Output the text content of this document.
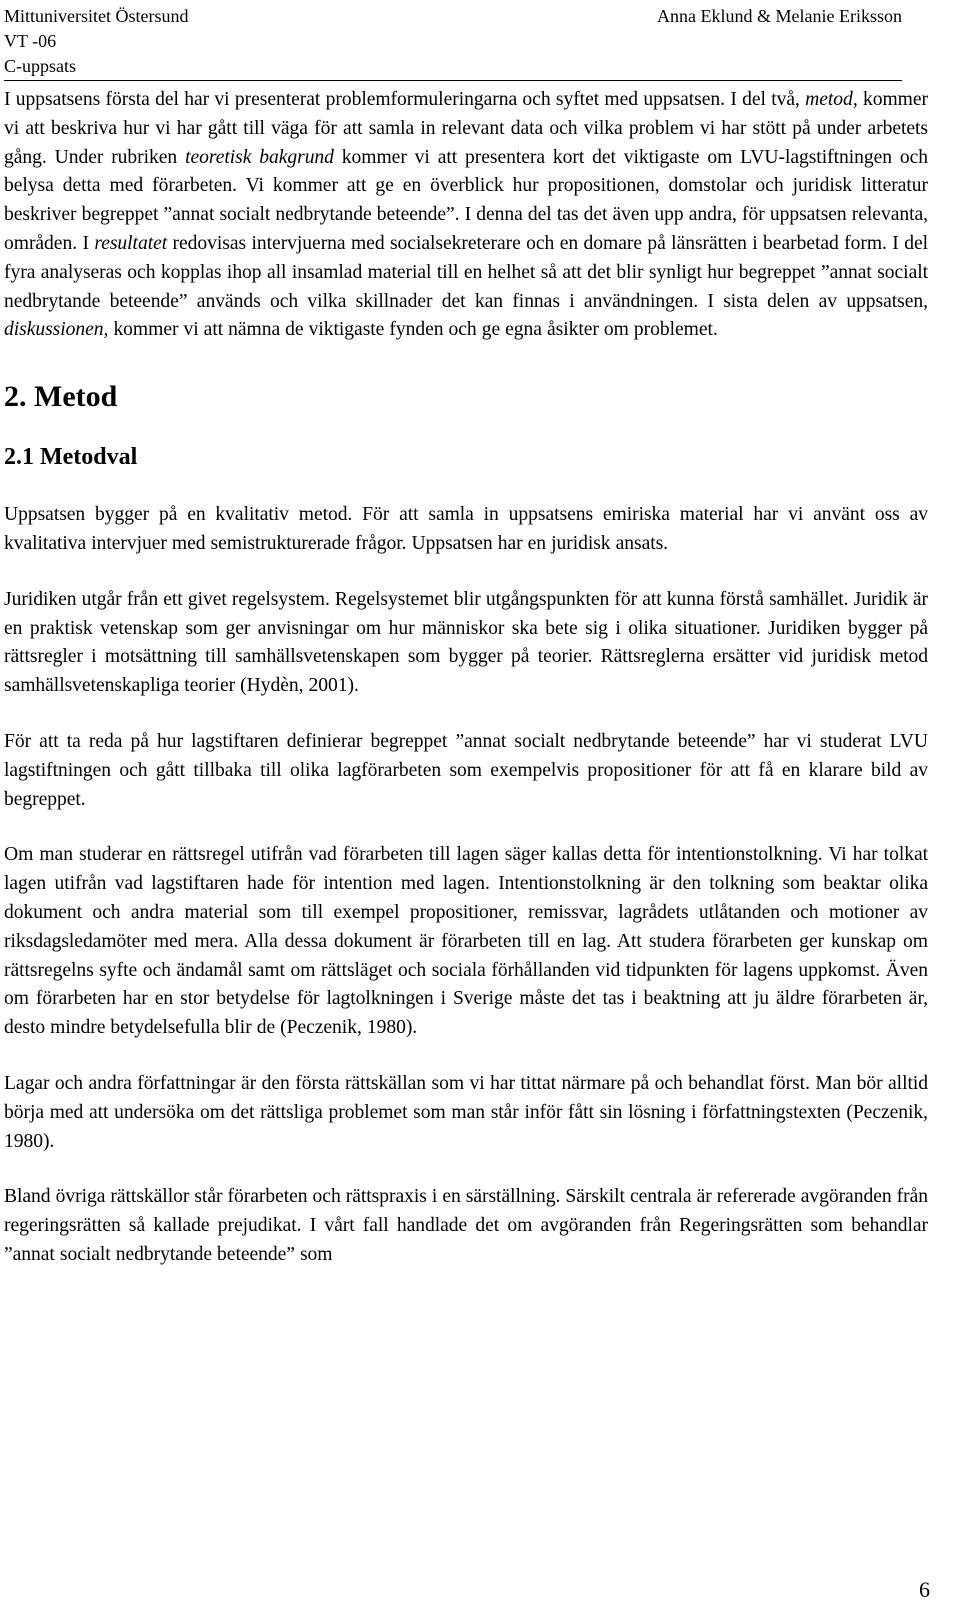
Mittuniversitet Östersund
VT -06
C-uppsats
Anna Eklund & Melanie Eriksson

I uppsatsens första del har vi presenterat problemformuleringarna och syftet med uppsatsen. I del två, metod, kommer vi att beskriva hur vi har gått till väga för att samla in relevant data och vilka problem vi har stött på under arbetets gång. Under rubriken teoretisk bakgrund kommer vi att presentera kort det viktigaste om LVU-lagstiftningen och belysa detta med förarbeten. Vi kommer att ge en överblick hur propositionen, domstolar och juridisk litteratur beskriver begreppet ”annat socialt nedbrytande beteende”. I denna del tas det även upp andra, för uppsatsen relevanta, områden. I resultatet redovisas intervjuerna med socialsekreterare och en domare på länsrätten i bearbetad form. I del fyra analyseras och kopplas ihop all insamlad material till en helhet så att det blir synligt hur begreppet ”annat socialt nedbrytande beteende” används och vilka skillnader det kan finnas i användningen. I sista delen av uppsatsen, diskussionen, kommer vi att nämna de viktigaste fynden och ge egna åsikter om problemet.

2. Metod
2.1 Metodval

Uppsatsen bygger på en kvalitativ metod. För att samla in uppsatsens emiriska material har vi använt oss av kvalitativa intervjuer med semistrukturerade frågor. Uppsatsen har en juridisk ansats.

Juridiken utgår från ett givet regelsystem. Regelsystemet blir utgångspunkten för att kunna förstå samhället. Juridik är en praktisk vetenskap som ger anvisningar om hur människor ska bete sig i olika situationer. Juridiken bygger på rättsregler i motsättning till samhällsvetenskapen som bygger på teorier. Rättsreglerna ersätter vid juridisk metod samhällsvetenskapliga teorier (Hydèn, 2001).

För att ta reda på hur lagstiftaren definierar begreppet ”annat socialt nedbrytande beteende” har vi studerat LVU lagstiftningen och gått tillbaka till olika lagförarbeten som exempelvis propositioner för att få en klarare bild av begreppet.

Om man studerar en rättsregel utifrån vad förarbeten till lagen säger kallas detta för intentionstolkning. Vi har tolkat lagen utifrån vad lagstiftaren hade för intention med lagen. Intentionstolkning är den tolkning som beaktar olika dokument och andra material som till exempel propositioner, remissvar, lagrådets utlåtanden och motioner av riksdagsledamöter med mera. Alla dessa dokument är förarbeten till en lag. Att studera förarbeten ger kunskap om rättsregelns syfte och ändamål samt om rättsläget och sociala förhållanden vid tidpunkten för lagens uppkomst. Även om förarbeten har en stor betydelse för lagtolkningen i Sverige måste det tas i beaktning att ju äldre förarbeten är, desto mindre betydelsefulla blir de (Peczenik, 1980).

Lagar och andra författningar är den första rättskällan som vi har tittat närmare på och behandlat först. Man bör alltid börja med att undersöka om det rättsliga problemet som man står inför fått sin lösning i författningstexten (Peczenik, 1980).

Bland övriga rättskällor står förarbeten och rättspraxis i en särställning. Särskilt centrala är refererade avgöranden från regeringsrätten så kallade prejudikat. I vårt fall handlade det om avgöranden från Regeringsrätten som behandlar ”annat socialt nedbrytande beteende” som

6
